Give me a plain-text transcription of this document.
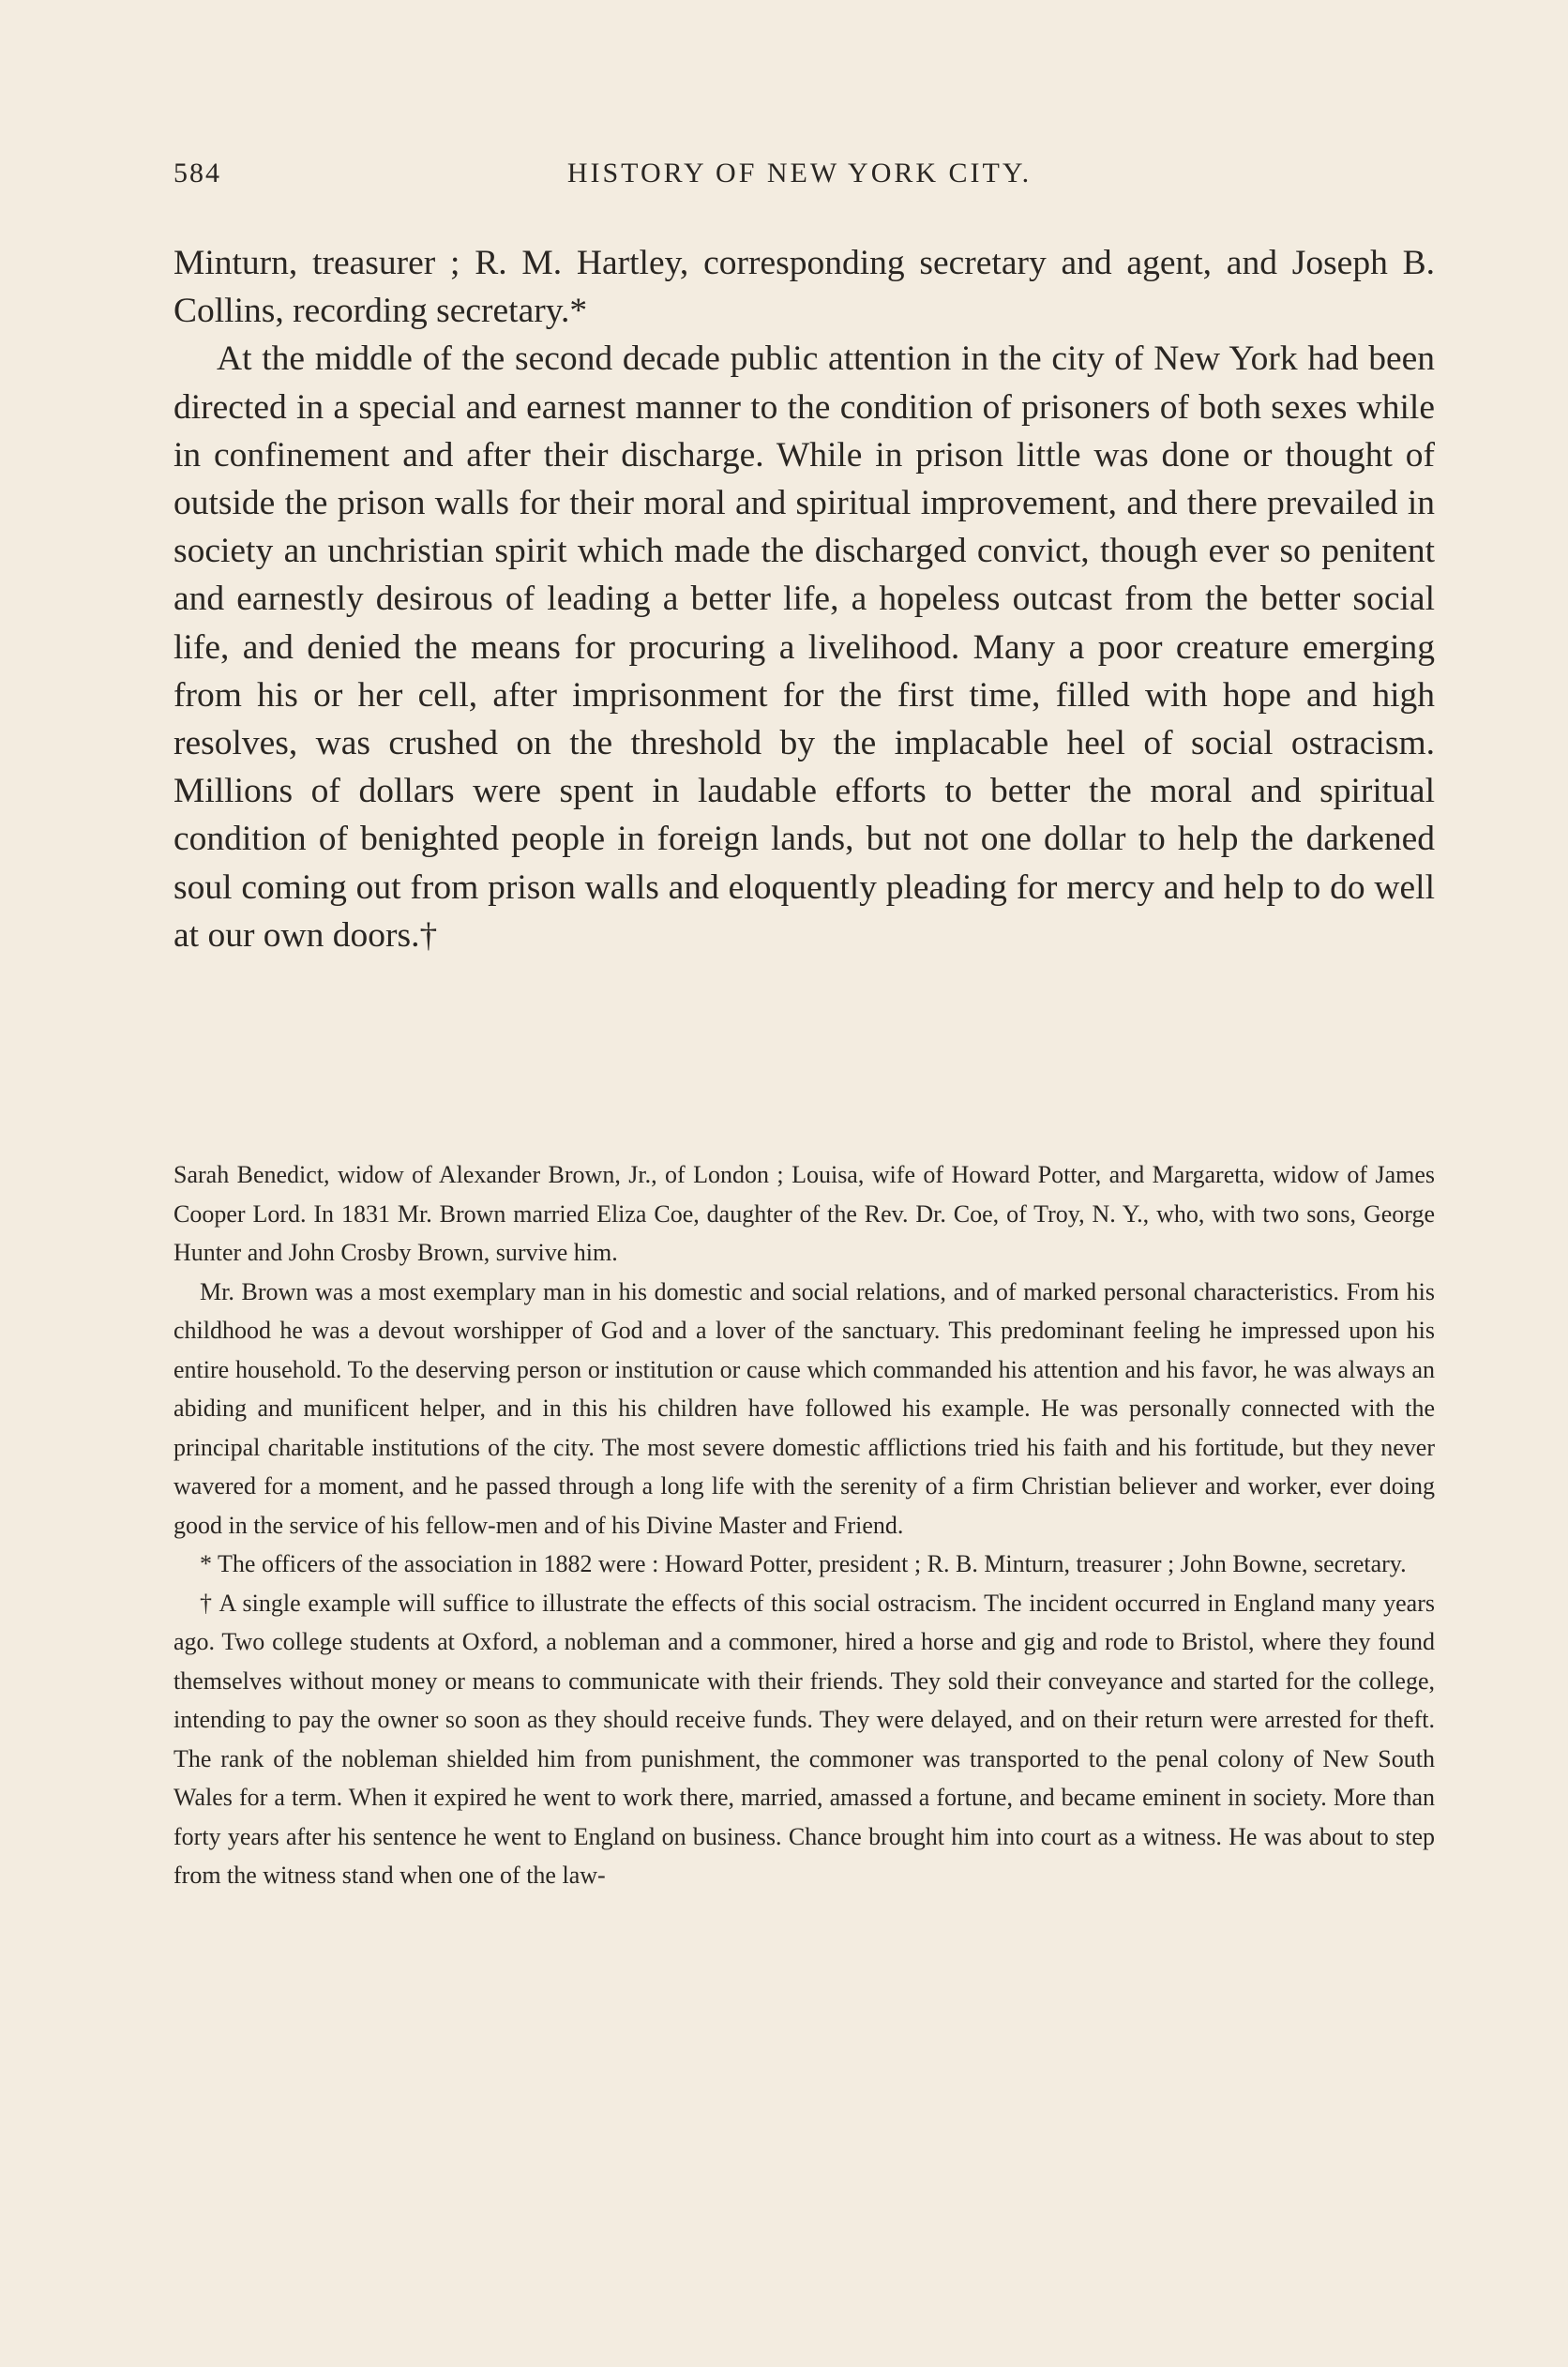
584	HISTORY OF NEW YORK CITY.

Minturn, treasurer ; R. M. Hartley, corresponding secretary and agent, and Joseph B. Collins, recording secretary.*

At the middle of the second decade public attention in the city of New York had been directed in a special and earnest manner to the condition of prisoners of both sexes while in confinement and after their discharge. While in prison little was done or thought of outside the prison walls for their moral and spiritual improvement, and there prevailed in society an unchristian spirit which made the discharged convict, though ever so penitent and earnestly desirous of leading a better life, a hopeless outcast from the better social life, and denied the means for procuring a livelihood. Many a poor creature emerging from his or her cell, after imprisonment for the first time, filled with hope and high resolves, was crushed on the threshold by the implacable heel of social ostracism. Millions of dollars were spent in laudable efforts to better the moral and spiritual condition of benighted people in foreign lands, but not one dollar to help the darkened soul coming out from prison walls and eloquently pleading for mercy and help to do well at our own doors.†

Sarah Benedict, widow of Alexander Brown, Jr., of London ; Louisa, wife of Howard Potter, and Margaretta, widow of James Cooper Lord. In 1831 Mr. Brown married Eliza Coe, daughter of the Rev. Dr. Coe, of Troy, N. Y., who, with two sons, George Hunter and John Crosby Brown, survive him.

Mr. Brown was a most exemplary man in his domestic and social relations, and of marked personal characteristics. From his childhood he was a devout worshipper of God and a lover of the sanctuary. This predominant feeling he impressed upon his entire household. To the deserving person or institution or cause which commanded his attention and his favor, he was always an abiding and munificent helper, and in this his children have followed his example. He was personally connected with the principal charitable institutions of the city. The most severe domestic afflictions tried his faith and his fortitude, but they never wavered for a moment, and he passed through a long life with the serenity of a firm Christian believer and worker, ever doing good in the service of his fellow-men and of his Divine Master and Friend.

* The officers of the association in 1882 were : Howard Potter, president ; R. B. Minturn, treasurer ; John Bowne, secretary.

† A single example will suffice to illustrate the effects of this social ostracism. The incident occurred in England many years ago. Two college students at Oxford, a nobleman and a commoner, hired a horse and gig and rode to Bristol, where they found themselves without money or means to communicate with their friends. They sold their conveyance and started for the college, intending to pay the owner so soon as they should receive funds. They were delayed, and on their return were arrested for theft. The rank of the nobleman shielded him from punishment, the commoner was transported to the penal colony of New South Wales for a term. When it expired he went to work there, married, amassed a fortune, and became eminent in society. More than forty years after his sentence he went to England on business. Chance brought him into court as a witness. He was about to step from the witness stand when one of the law-
